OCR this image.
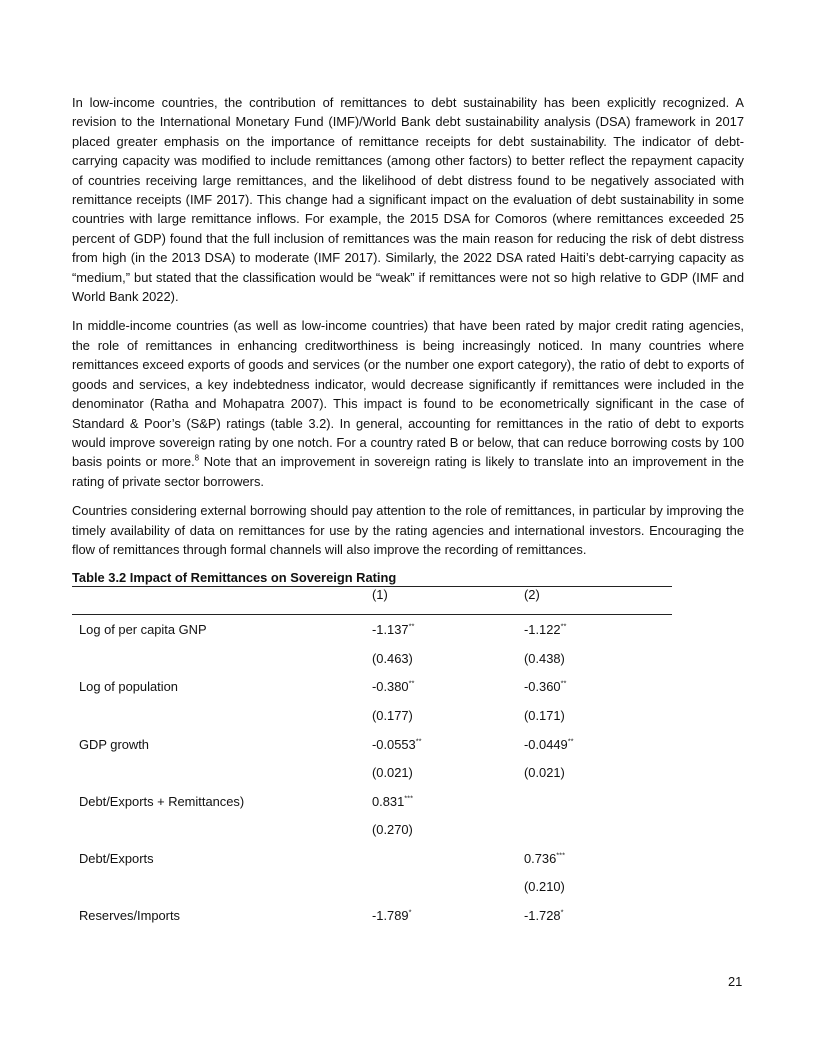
In low-income countries, the contribution of remittances to debt sustainability has been explicitly recognized. A revision to the International Monetary Fund (IMF)/World Bank debt sustainability analysis (DSA) framework in 2017 placed greater emphasis on the importance of remittance receipts for debt sustainability. The indicator of debt-carrying capacity was modified to include remittances (among other factors) to better reflect the repayment capacity of countries receiving large remittances, and the likelihood of debt distress found to be negatively associated with remittance receipts (IMF 2017). This change had a significant impact on the evaluation of debt sustainability in some countries with large remittance inflows. For example, the 2015 DSA for Comoros (where remittances exceeded 25 percent of GDP) found that the full inclusion of remittances was the main reason for reducing the risk of debt distress from high (in the 2013 DSA) to moderate (IMF 2017). Similarly, the 2022 DSA rated Haiti’s debt-carrying capacity as “medium,” but stated that the classification would be “weak” if remittances were not so high relative to GDP (IMF and World Bank 2022).

In middle-income countries (as well as low-income countries) that have been rated by major credit rating agencies, the role of remittances in enhancing creditworthiness is being increasingly noticed. In many countries where remittances exceed exports of goods and services (or the number one export category), the ratio of debt to exports of goods and services, a key indebtedness indicator, would decrease significantly if remittances were included in the denominator (Ratha and Mohapatra 2007). This impact is found to be econometrically significant in the case of Standard & Poor’s (S&P) ratings (table 3.2). In general, accounting for remittances in the ratio of debt to exports would improve sovereign rating by one notch. For a country rated B or below, that can reduce borrowing costs by 100 basis points or more.$^8$ Note that an improvement in sovereign rating is likely to translate into an improvement in the rating of private sector borrowers.

Countries considering external borrowing should pay attention to the role of remittances, in particular by improving the timely availability of data on remittances for use by the rating agencies and international investors. Encouraging the flow of remittances through formal channels will also improve the recording of remittances.

Table 3.2 Impact of Remittances on Sovereign Rating
	(1)	(2)
Log of per capita GNP	-1.137**	-1.122**
	(0.463)	(0.438)
Log of population	-0.380**	-0.360**
	(0.177)	(0.171)
GDP growth	-0.0553**	-0.0449**
	(0.021)	(0.021)
Debt/Exports + Remittances)	0.831***	
	(0.270)	
Debt/Exports		0.736***
		(0.210)
Reserves/Imports	-1.789*	-1.728*
21
